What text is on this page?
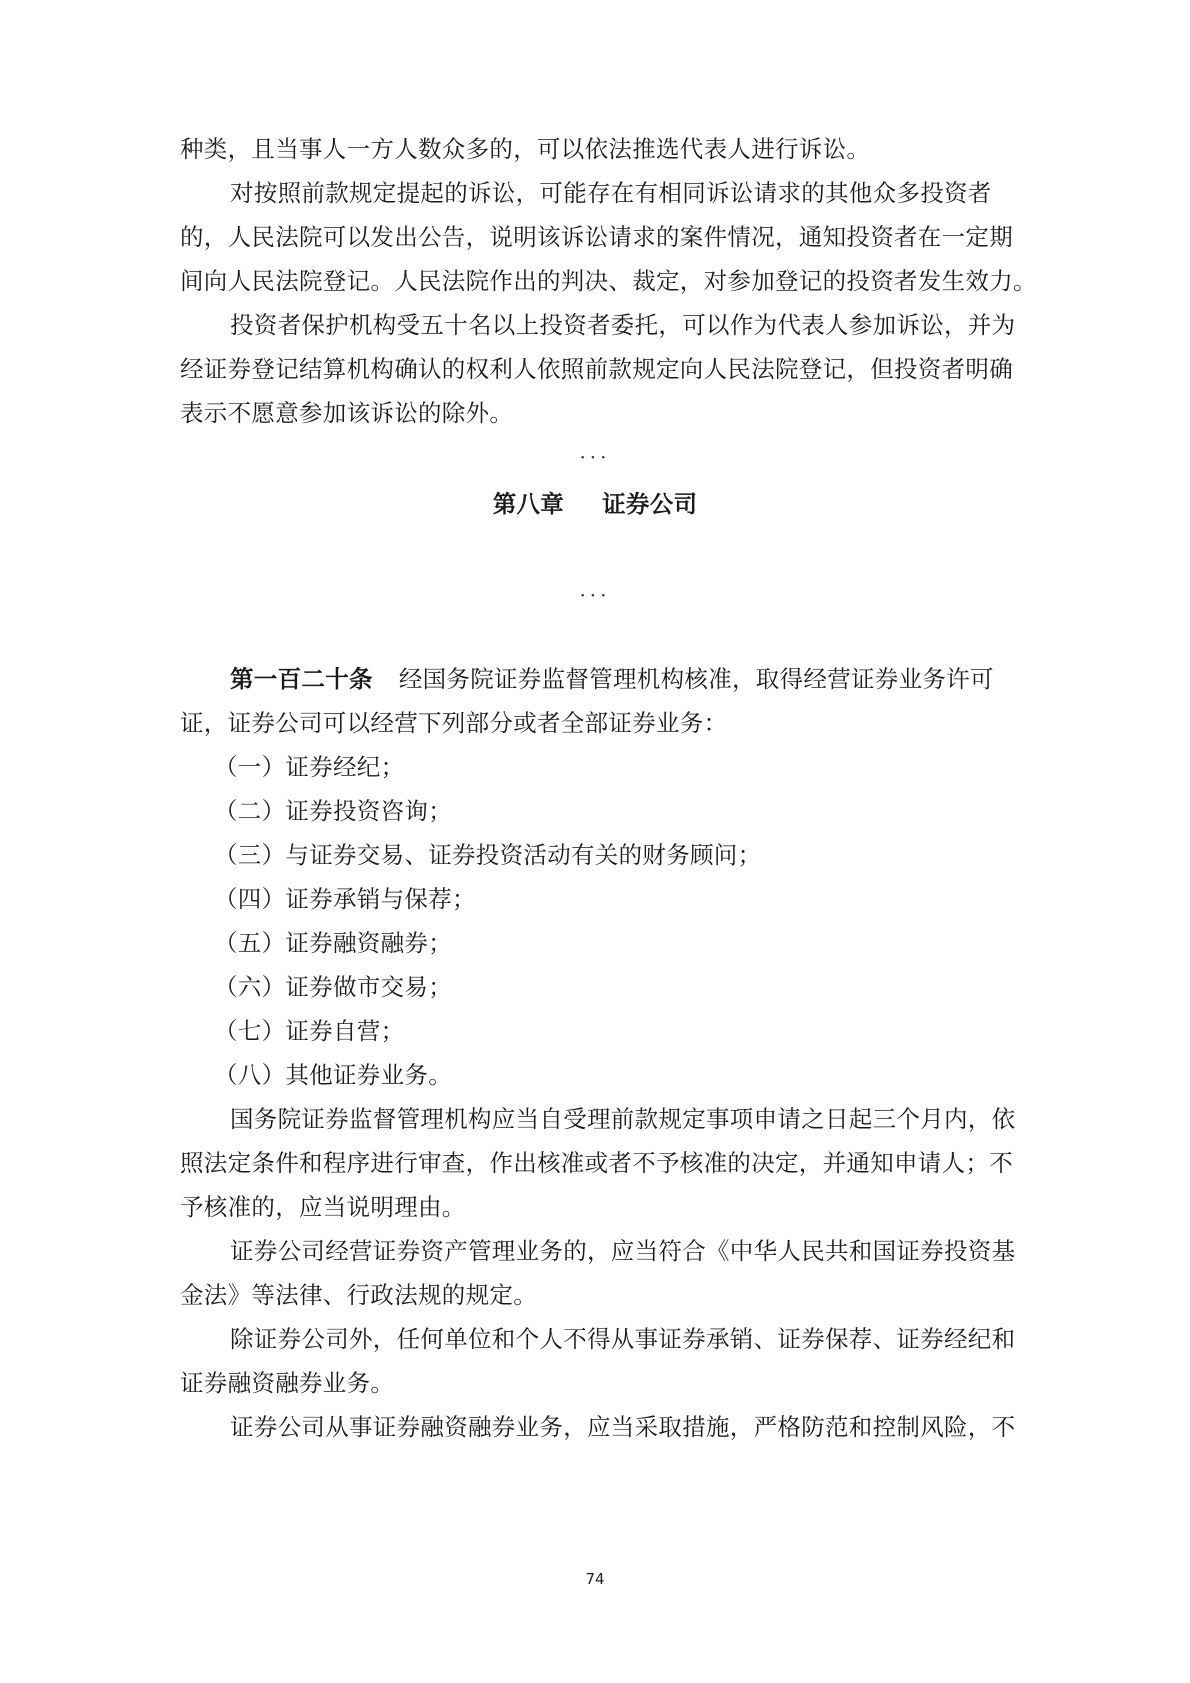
种类，且当事人一方人数众多的，可以依法推选代表人进行诉讼。
对按照前款规定提起的诉讼，可能存在有相同诉讼请求的其他众多投资者
的，人民法院可以发出公告，说明该诉讼请求的案件情况，通知投资者在一定期
间向人民法院登记。人民法院作出的判决、裁定，对参加登记的投资者发生效力。
投资者保护机构受五十名以上投资者委托，可以作为代表人参加诉讼，并为
经证券登记结算机构确认的权利人依照前款规定向人民法院登记，但投资者明确
表示不愿意参加该诉讼的除外。
···
第八章 证券公司
···
第一百二十条 经国务院证券监督管理机构核准，取得经营证券业务许可
证，证券公司可以经营下列部分或者全部证券业务：
（一）证券经纪；
（二）证券投资咨询；
（三）与证券交易、证券投资活动有关的财务顾问；
（四）证券承销与保荐；
（五）证券融资融券；
（六）证券做市交易；
（七）证券自营；
（八）其他证券业务。
国务院证券监督管理机构应当自受理前款规定事项申请之日起三个月内，依
照法定条件和程序进行审查，作出核准或者不予核准的决定，并通知申请人；不
予核准的，应当说明理由。
证券公司经营证券资产管理业务的，应当符合《中华人民共和国证券投资基
金法》等法律、行政法规的规定。
除证券公司外，任何单位和个人不得从事证券承销、证券保荐、证券经纪和
证券融资融券业务。
证券公司从事证券融资融券业务，应当采取措施，严格防范和控制风险，不
74
